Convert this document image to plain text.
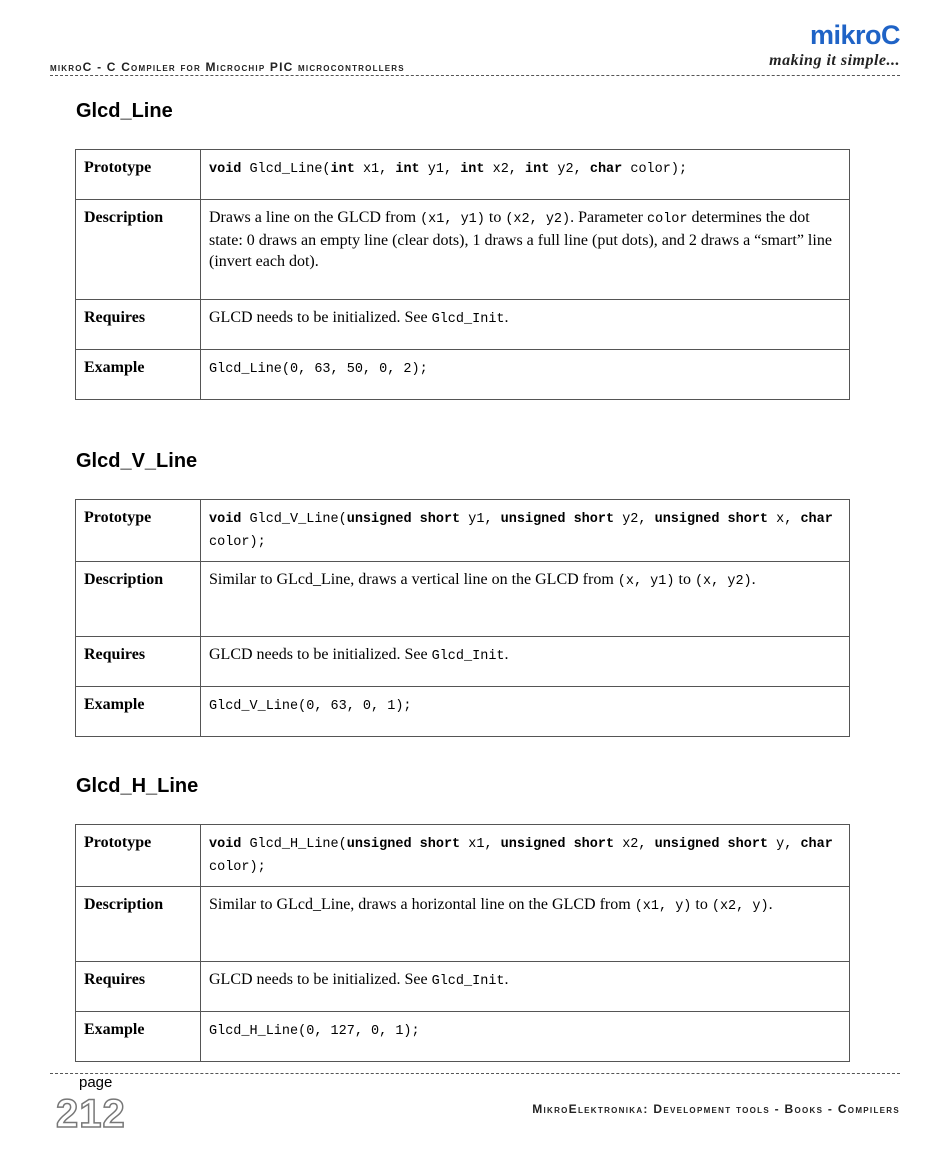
mikroC - C Compiler for Microchip PIC microcontrollers
mikroC
making it simple...
Glcd_Line
Prototype	void Glcd_Line(int x1, int y1, int x2, int y2, char color);
Description	Draws a line on the GLCD from (x1, y1) to (x2, y2). Parameter color determines the dot state: 0 draws an empty line (clear dots), 1 draws a full line (put dots), and 2 draws a “smart” line (invert each dot).
Requires	GLCD needs to be initialized. See Glcd_Init.
Example	Glcd_Line(0, 63, 50, 0, 2);
Glcd_V_Line
Prototype	void Glcd_V_Line(unsigned short y1, unsigned short y2, unsigned short x, char color);
Description	Similar to GLcd_Line, draws a vertical line on the GLCD from (x, y1) to (x, y2).
Requires	GLCD needs to be initialized. See Glcd_Init.
Example	Glcd_V_Line(0, 63, 0, 1);
Glcd_H_Line
Prototype	void Glcd_H_Line(unsigned short x1, unsigned short x2, unsigned short y, char color);
Description	Similar to GLcd_Line, draws a horizontal line on the GLCD from (x1, y) to (x2, y).
Requires	GLCD needs to be initialized. See Glcd_Init.
Example	Glcd_H_Line(0, 127, 0, 1);
page
212	MikroElektronika: Development tools - Books - Compilers
